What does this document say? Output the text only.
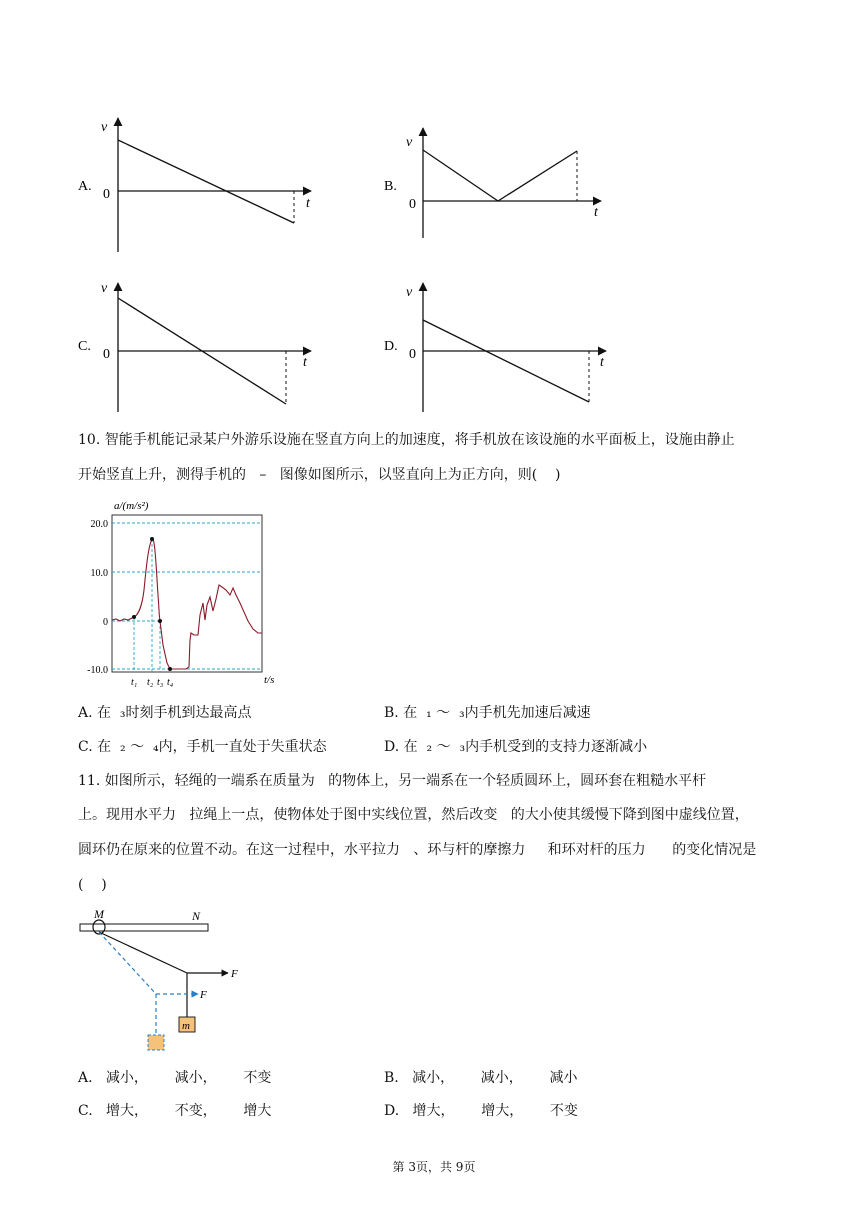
A.
v
0
t
B.
v
0
t
C.
v
0
t
D.
v
0
t
10. 智能手机能记录某户外游乐设施在竖直方向上的加速度，将手机放在该设施的水平面板上，设施由静止
开始竖直上升，测得手机的   –   图像如图所示，以竖直向上为正方向，则(    )
a/(m/s²)
20.0
10.0
0
-10.0
t₁ t₂ t₃ t₄	t/s
A. 在  ₃时刻手机到达最高点	B. 在  ₁ ～  ₃内手机先加速后减速
C. 在  ₂ ～  ₄内，手机一直处于失重状态	D. 在  ₂ ～  ₃内手机受到的支持力逐渐减小
11. 如图所示，轻绳的一端系在质量为   的物体上，另一端系在一个轻质圆环上，圆环套在粗糙水平杆
上。现用水平力   拉绳上一点，使物体处于图中实线位置，然后改变   的大小使其缓慢下降到图中虚线位置，
圆环仍在原来的位置不动。在这一过程中，水平拉力   、环与杆的摩擦力     和环对杆的压力      的变化情况是
(    )
M	N
F
F
m
A.   减小，      减小，      不变	B.   减小，      减小，      减小
C.   增大，      不变，      增大	D.   增大，      增大，      不变
第 3页，共 9页
